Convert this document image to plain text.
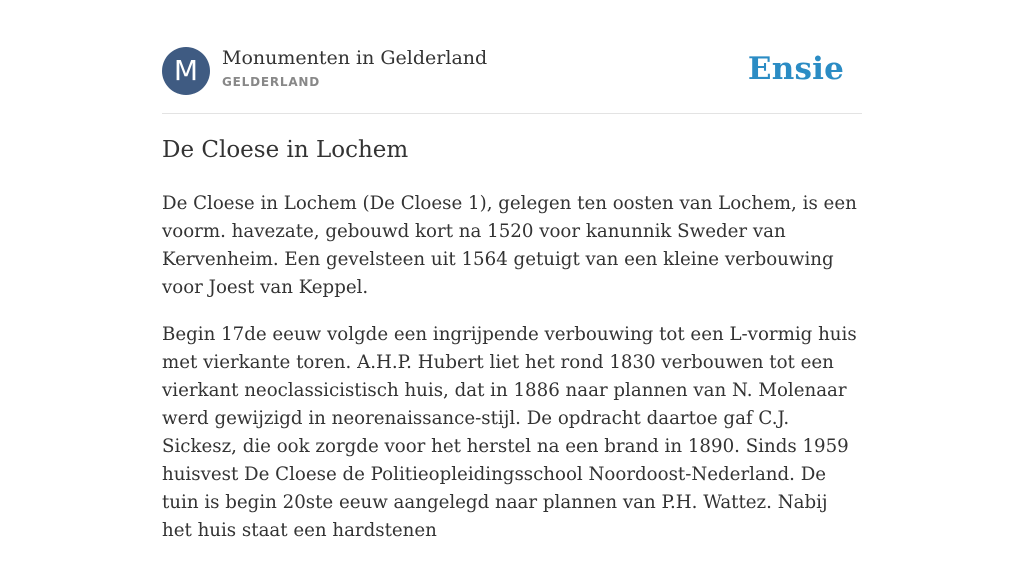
M	Monumenten in Gelderland
GELDERLAND	Ensie
De Cloese in Lochem

De Cloese in Lochem (De Cloese 1), gelegen ten oosten van Lochem, is een voorm. havezate, gebouwd kort na 1520 voor kanunnik Sweder van Kervenheim. Een gevelsteen uit 1564 getuigt van een kleine verbouwing voor Joest van Keppel.

Begin 17de eeuw volgde een ingrijpende verbouwing tot een L-vormig huis met vierkante toren. A.H.P. Hubert liet het rond 1830 verbouwen tot een vierkant neoclassicistisch huis, dat in 1886 naar plannen van N. Molenaar werd gewijzigd in neorenaissance-stijl. De opdracht daartoe gaf C.J. Sickesz, die ook zorgde voor het herstel na een brand in 1890. Sinds 1959 huisvest De Cloese de Politieopleidingsschool Noordoost-Nederland. De tuin is begin 20ste eeuw aangelegd naar plannen van P.H. Wattez. Nabij het huis staat een hardstenen
